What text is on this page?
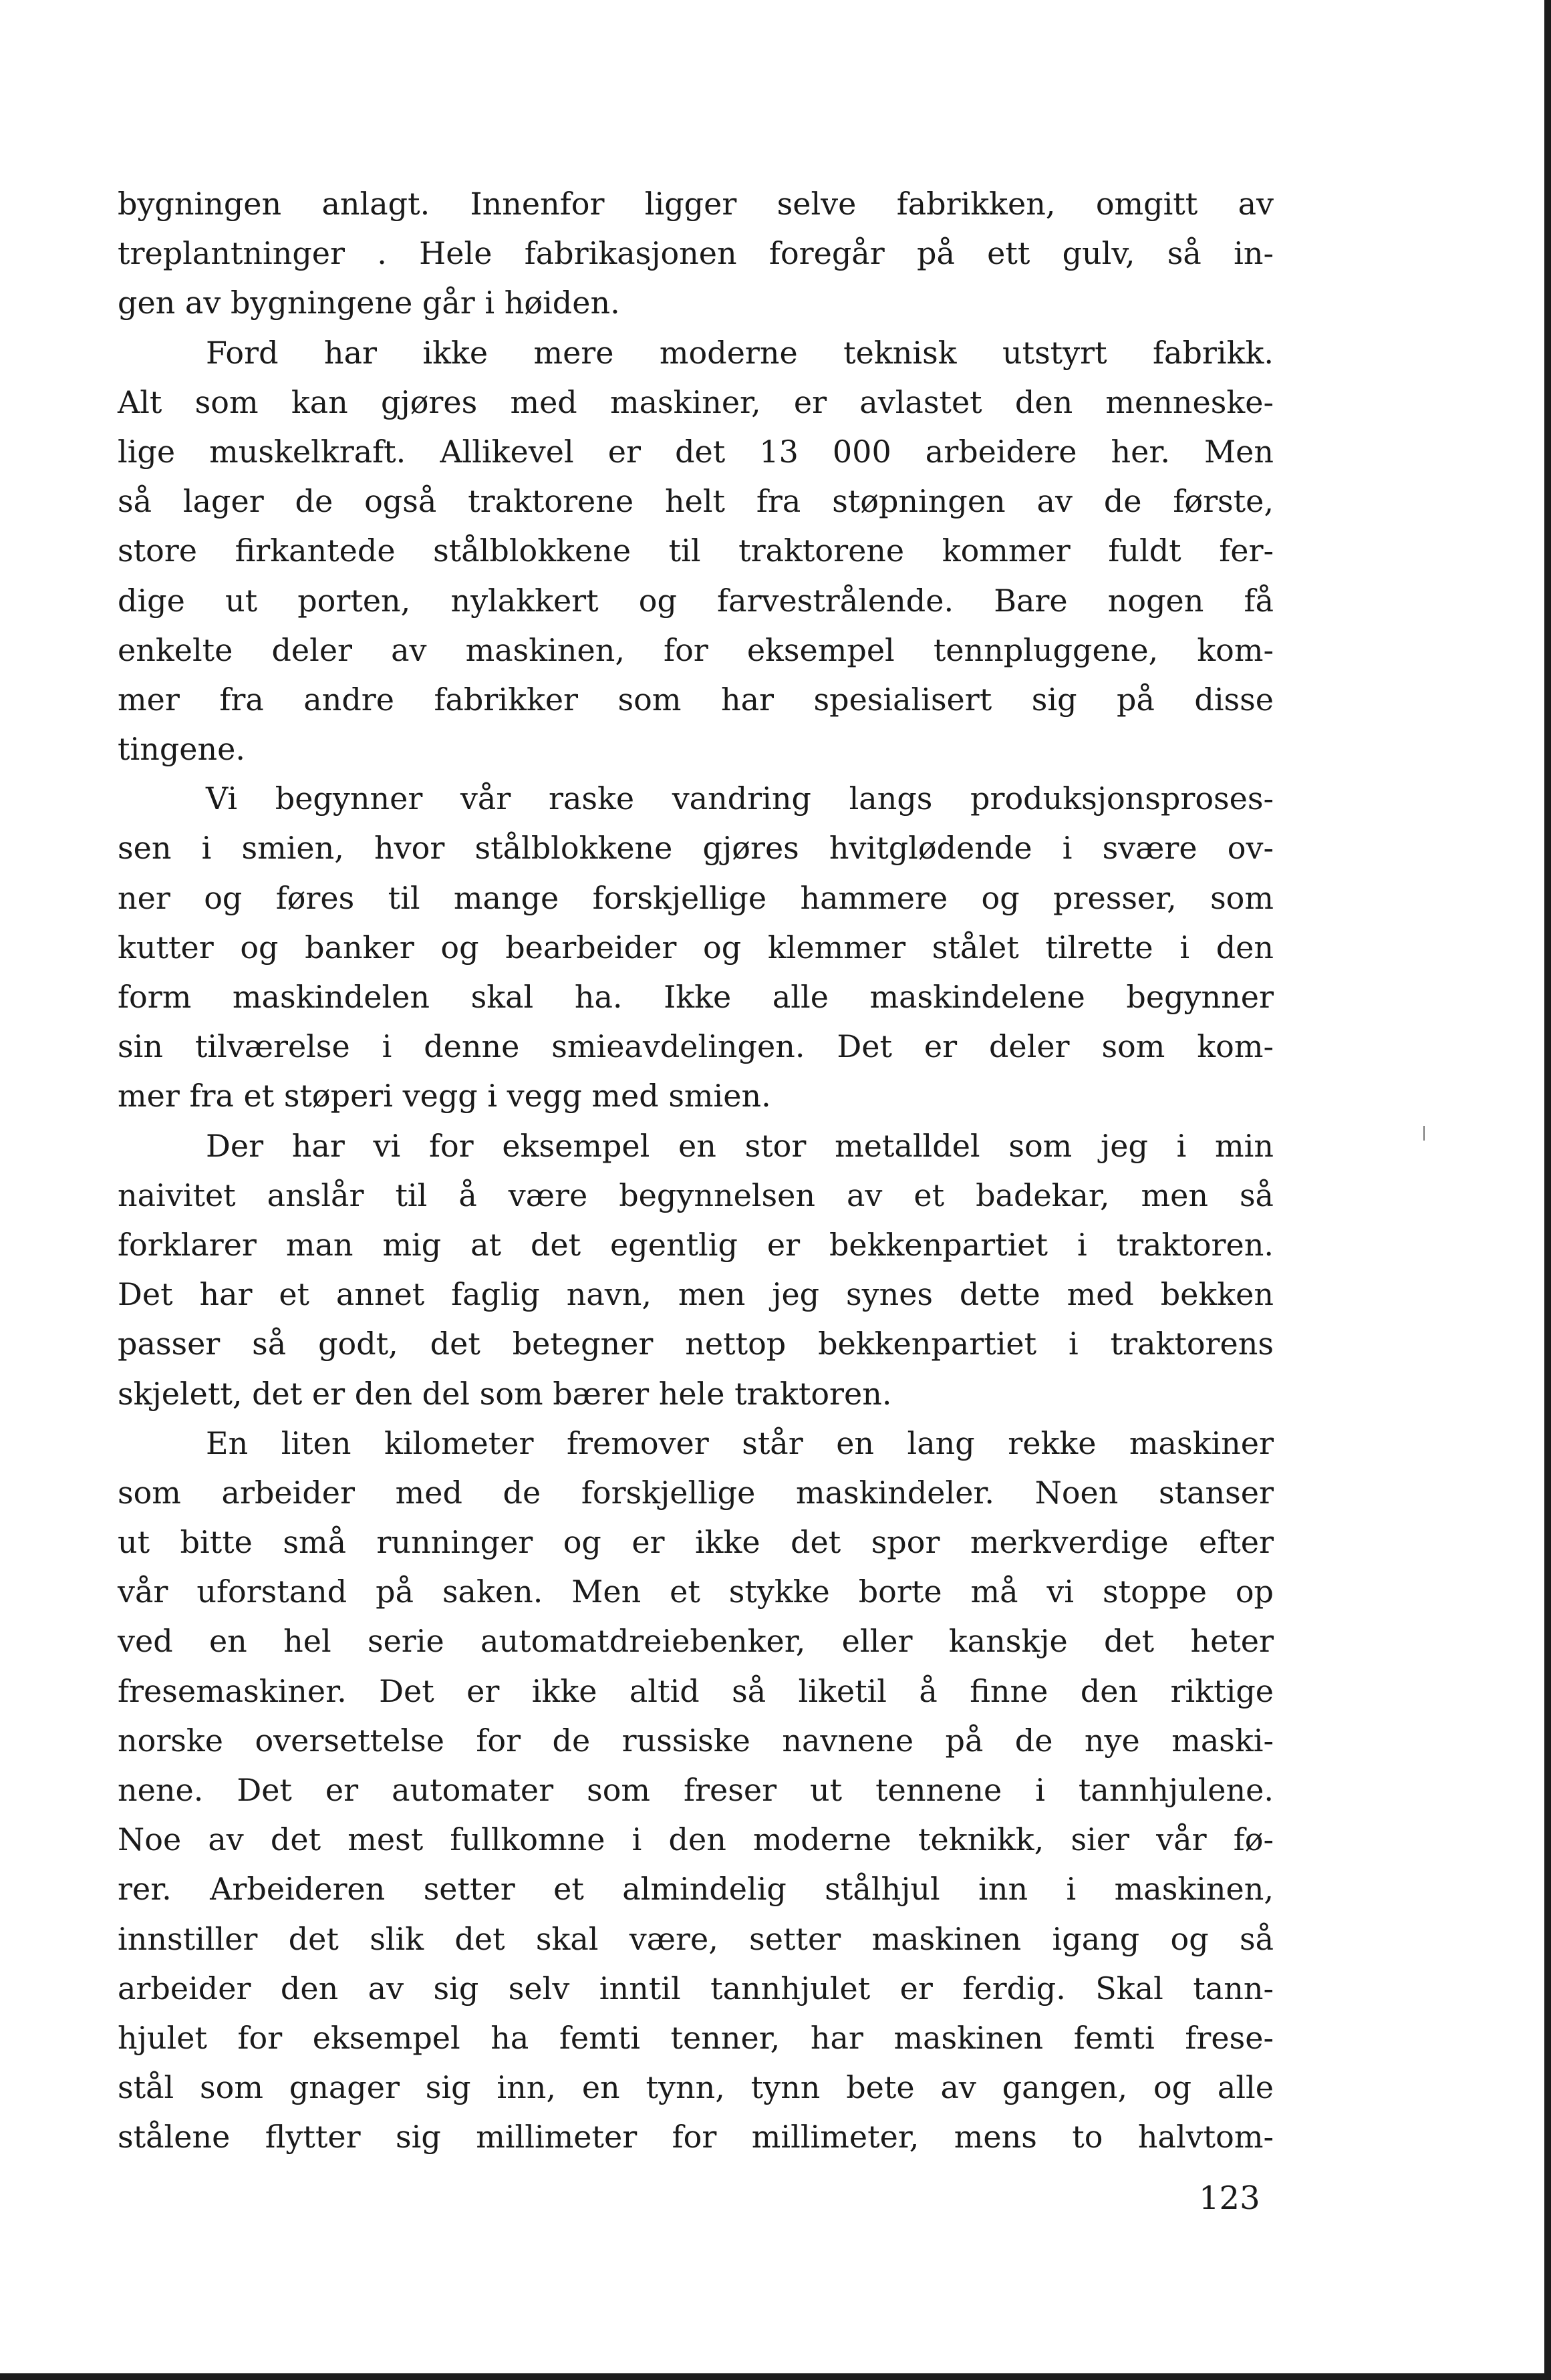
bygningen anlagt. Innenfor ligger selve fabrikken, omgitt av
treplantninger . Hele fabrikasjonen foregår på ett gulv, så in-
gen av bygningene går i høiden.
Ford har ikke mere moderne teknisk utstyrt fabrikk.
Alt som kan gjøres med maskiner, er avlastet den menneske-
lige muskelkraft. Allikevel er det 13 000 arbeidere her. Men
så lager de også traktorene helt fra støpningen av de første,
store firkantede stålblokkene til traktorene kommer fuldt fer-
dige ut porten, nylakkert og farvestrålende. Bare nogen få
enkelte deler av maskinen, for eksempel tennpluggene, kom-
mer fra andre fabrikker som har spesialisert sig på disse
tingene.
Vi begynner vår raske vandring langs produksjonsproses-
sen i smien, hvor stålblokkene gjøres hvitglødende i svære ov-
ner og føres til mange forskjellige hammere og presser, som
kutter og banker og bearbeider og klemmer stålet tilrette i den
form maskindelen skal ha. Ikke alle maskindelene begynner
sin tilværelse i denne smieavdelingen. Det er deler som kom-
mer fra et støperi vegg i vegg med smien.
Der har vi for eksempel en stor metalldel som jeg i min
naivitet anslår til å være begynnelsen av et badekar, men så
forklarer man mig at det egentlig er bekkenpartiet i traktoren.
Det har et annet faglig navn, men jeg synes dette med bekken
passer så godt, det betegner nettop bekkenpartiet i traktorens
skjelett, det er den del som bærer hele traktoren.
En liten kilometer fremover står en lang rekke maskiner
som arbeider med de forskjellige maskindeler. Noen stanser
ut bitte små runninger og er ikke det spor merkverdige efter
vår uforstand på saken. Men et stykke borte må vi stoppe op
ved en hel serie automatdreiebenker, eller kanskje det heter
fresemaskiner. Det er ikke altid så liketil å finne den riktige
norske oversettelse for de russiske navnene på de nye maski-
nene. Det er automater som freser ut tennene i tannhjulene.
Noe av det mest fullkomne i den moderne teknikk, sier vår fø-
rer. Arbeideren setter et almindelig stålhjul inn i maskinen,
innstiller det slik det skal være, setter maskinen igang og så
arbeider den av sig selv inntil tannhjulet er ferdig. Skal tann-
hjulet for eksempel ha femti tenner, har maskinen femti frese-
stål som gnager sig inn, en tynn, tynn bete av gangen, og alle
stålene flytter sig millimeter for millimeter, mens to halvtom-
123
